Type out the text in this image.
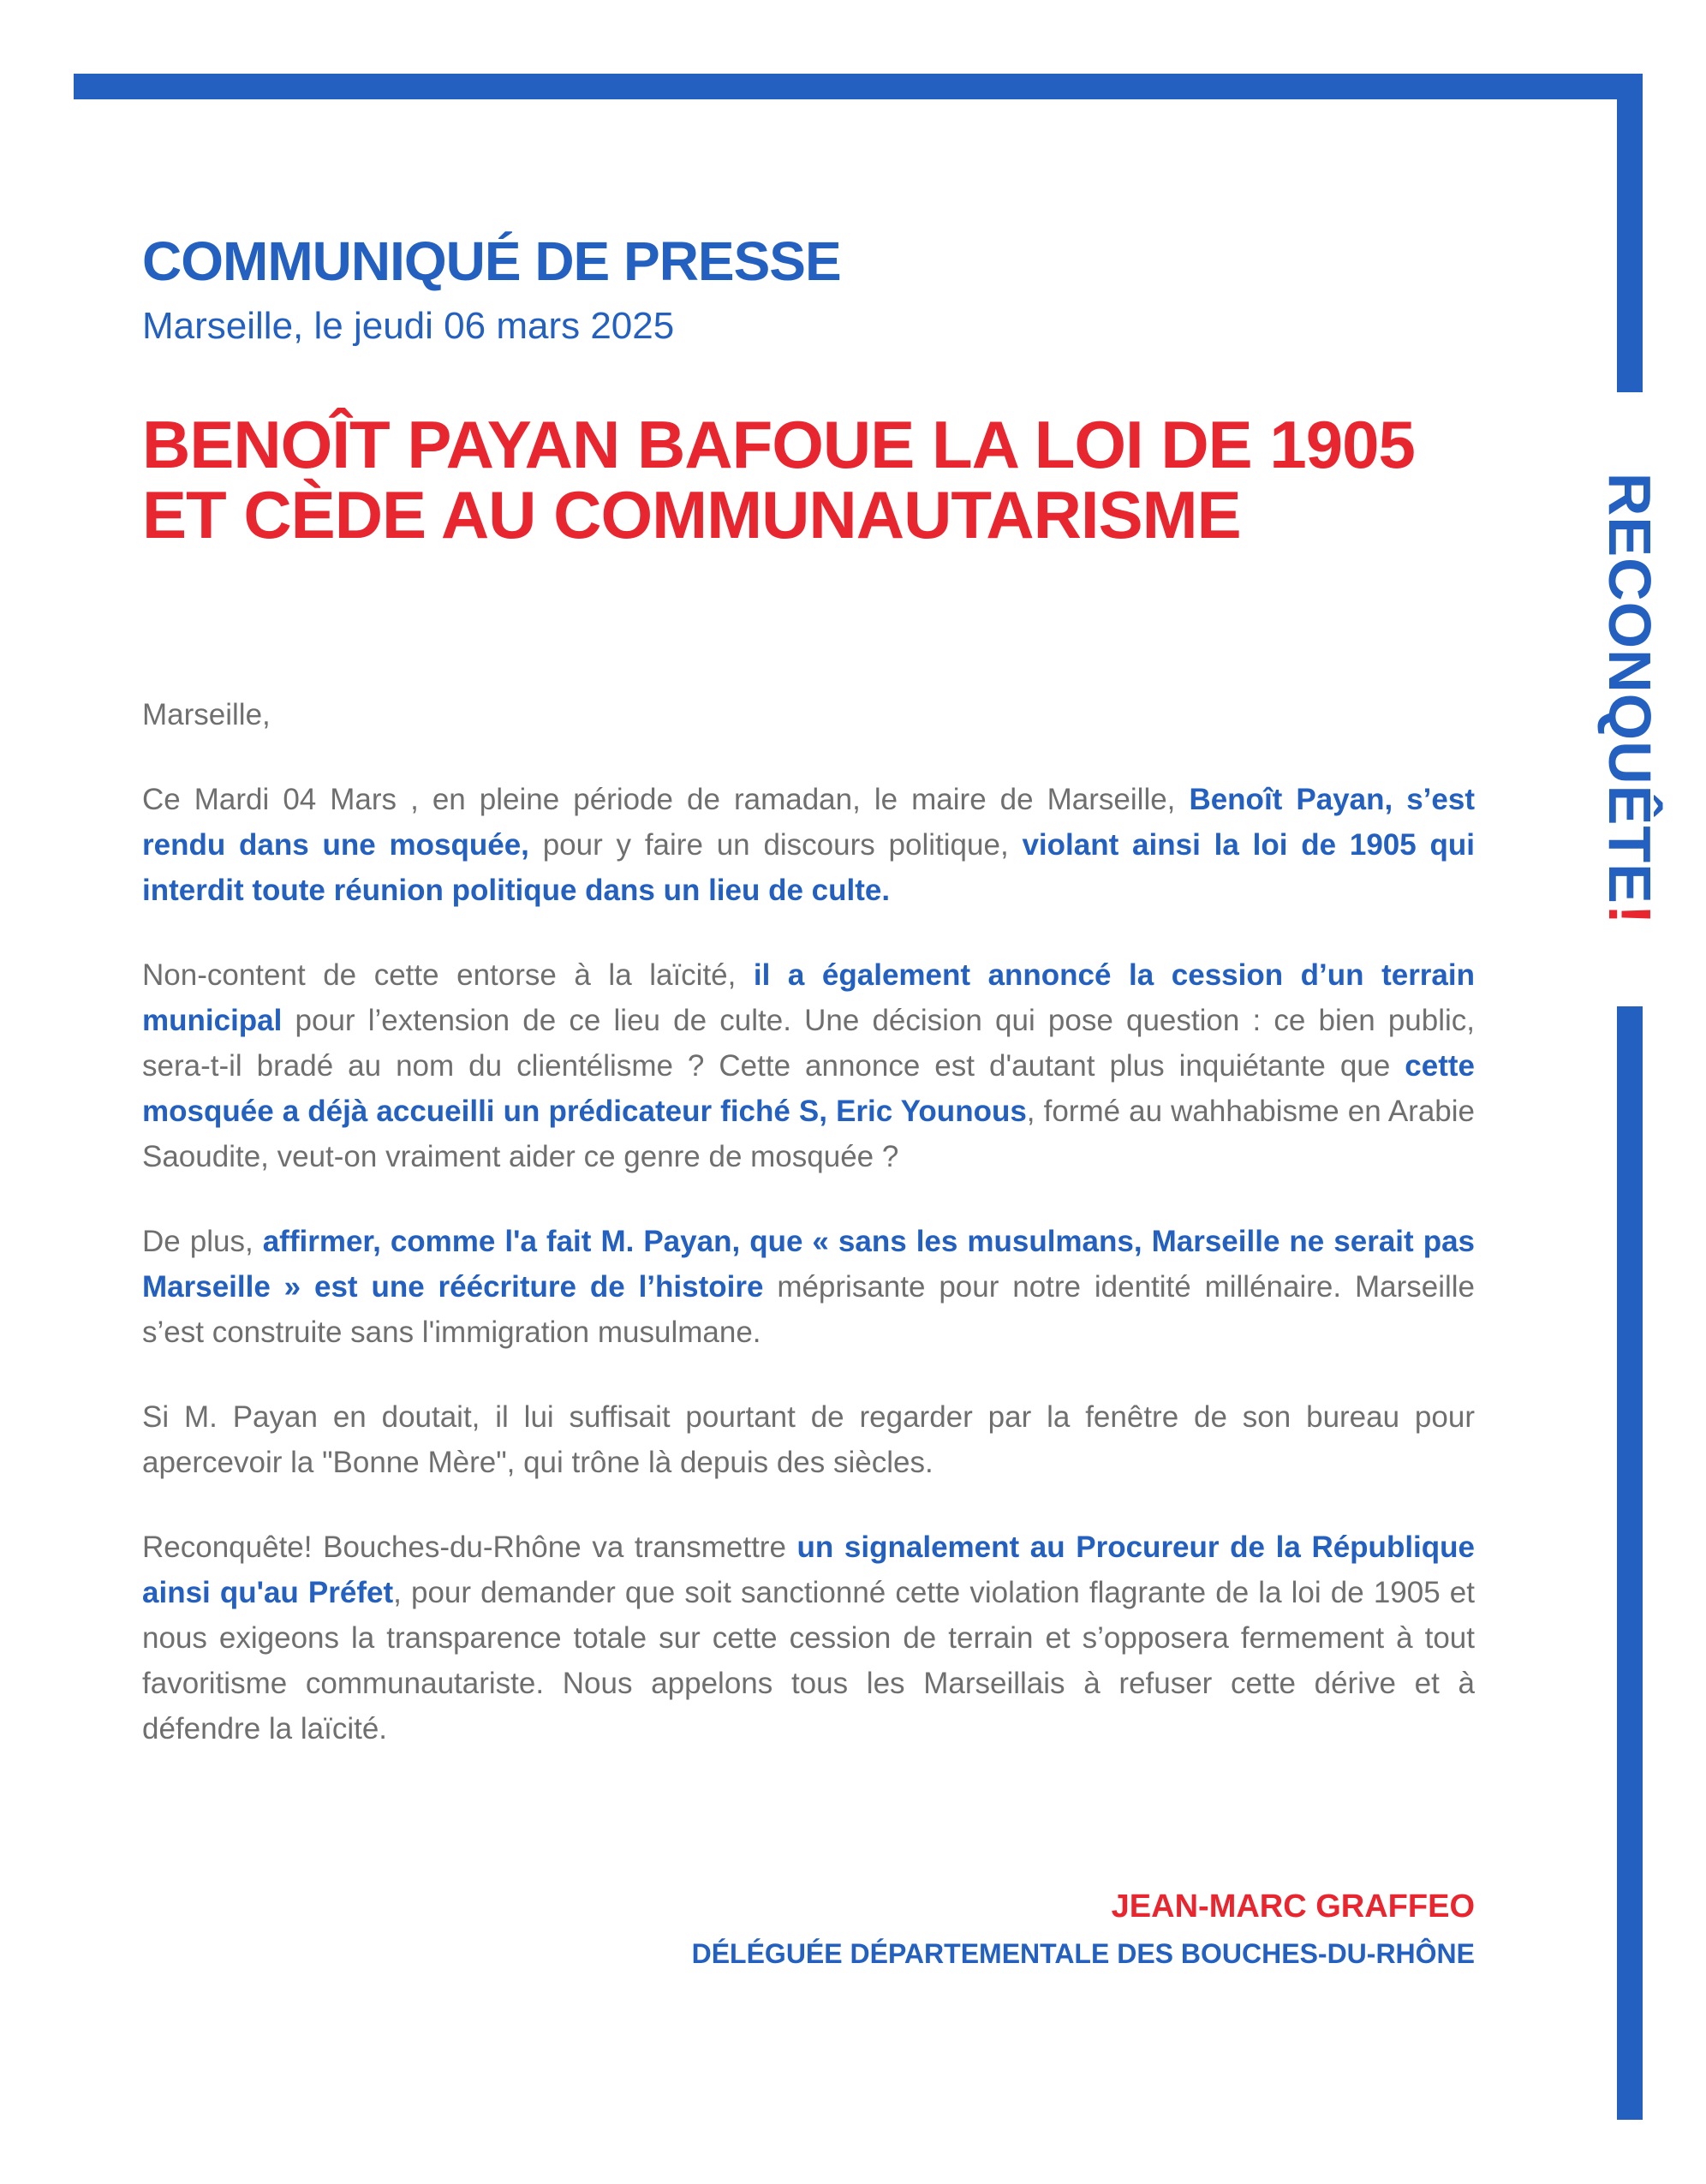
RECONQUÊTE!
COMMUNIQUÉ DE PRESSE

Marseille, le jeudi 06 mars 2025

BENOÎT PAYAN BAFOUE LA LOI DE 1905 ET CÈDE AU COMMUNAUTARISME

Marseille,

Ce Mardi 04 Mars , en pleine période de ramadan, le maire de Marseille, Benoît Payan, s’est rendu dans une mosquée, pour y faire un discours politique, violant ainsi la loi de 1905 qui interdit toute réunion politique dans un lieu de culte.

Non-content de cette entorse à la laïcité, il a également annoncé la cession d’un terrain municipal pour l’extension de ce lieu de culte. Une décision qui pose question : ce bien public, sera-t-il bradé au nom du clientélisme ? Cette annonce est d'autant plus inquiétante que cette mosquée a déjà accueilli un prédicateur fiché S, Eric Younous, formé au wahhabisme en Arabie Saoudite, veut-on vraiment aider ce genre de mosquée ?

De plus, affirmer, comme l'a fait M. Payan, que « sans les musulmans, Marseille ne serait pas Marseille » est une réécriture de l’histoire méprisante pour notre identité millénaire. Marseille s’est construite sans l'immigration musulmane.

Si M. Payan en doutait, il lui suffisait pourtant de regarder par la fenêtre de son bureau pour apercevoir la "Bonne Mère", qui trône là depuis des siècles.

Reconquête! Bouches-du-Rhône va transmettre un signalement au Procureur de la République ainsi qu'au Préfet, pour demander que soit sanctionné cette violation flagrante de la loi de 1905 et nous exigeons la transparence totale sur cette cession de terrain et s’opposera fermement à tout favoritisme communautariste. Nous appelons tous les Marseillais à refuser cette dérive et à défendre la laïcité.

JEAN-MARC GRAFFEO

DÉLÉGUÉE DÉPARTEMENTALE DES BOUCHES-DU-RHÔNE
